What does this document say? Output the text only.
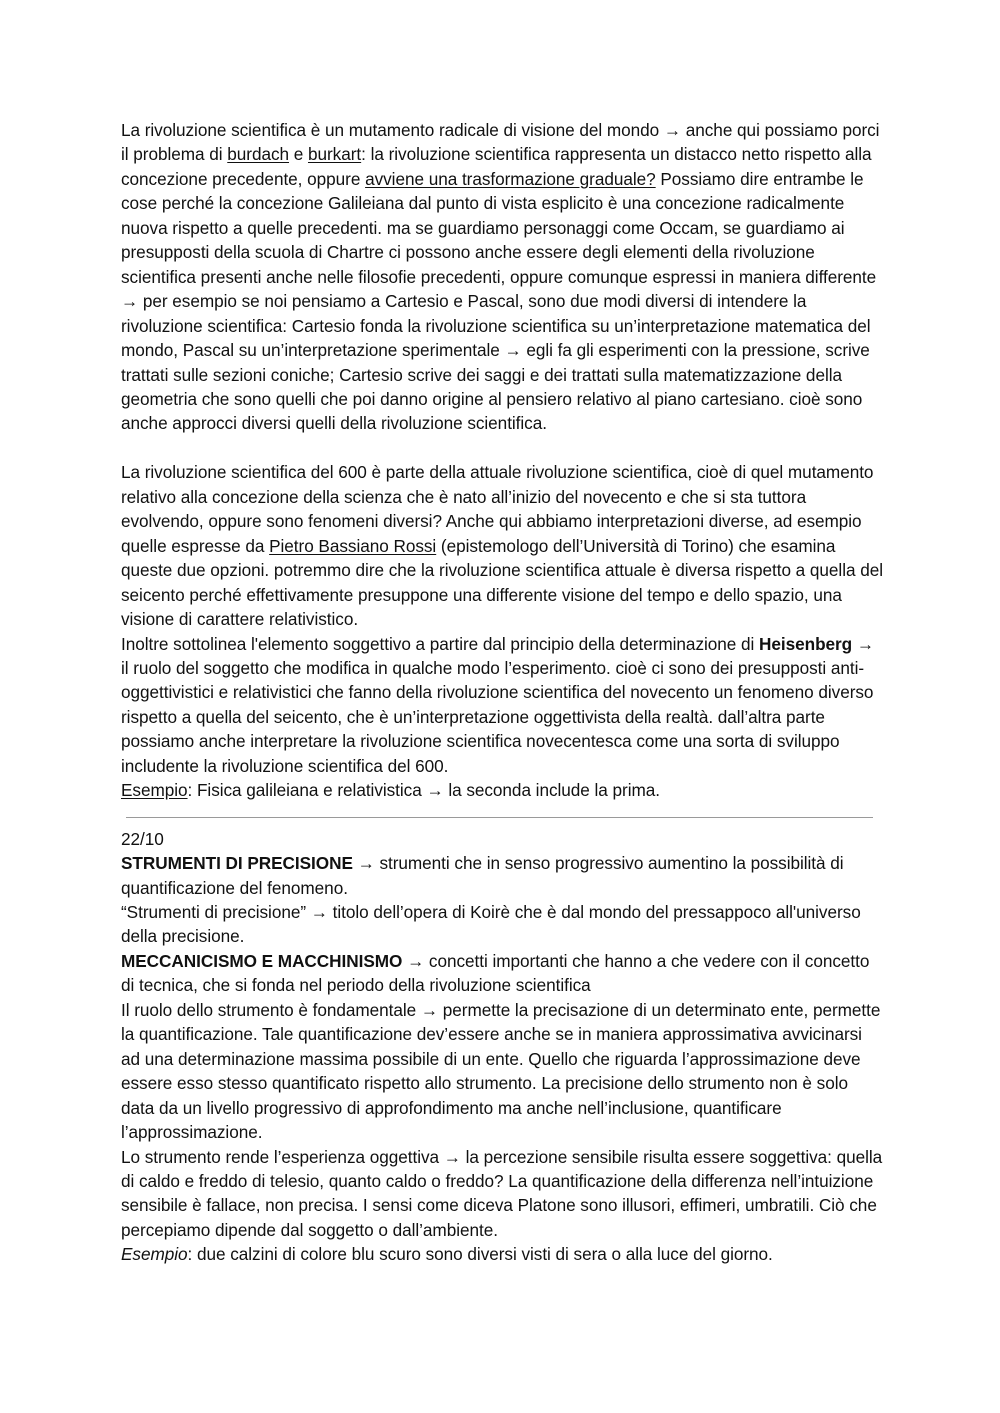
La rivoluzione scientifica è un mutamento radicale di visione del mondo → anche qui possiamo porci il problema di burdach e burkart: la rivoluzione scientifica rappresenta un distacco netto rispetto alla concezione precedente, oppure avviene una trasformazione graduale? Possiamo dire entrambe le cose perché la concezione Galileiana dal punto di vista esplicito è una concezione radicalmente nuova rispetto a quelle precedenti. ma se guardiamo personaggi come Occam, se guardiamo ai presupposti della scuola di Chartre ci possono anche essere degli elementi della rivoluzione scientifica presenti anche nelle filosofie precedenti, oppure comunque espressi in maniera differente → per esempio se noi pensiamo a Cartesio e Pascal, sono due modi diversi di intendere la rivoluzione scientifica: Cartesio fonda la rivoluzione scientifica su un’interpretazione matematica del mondo, Pascal su un’interpretazione sperimentale → egli fa gli esperimenti con la pressione, scrive trattati sulle sezioni coniche; Cartesio scrive dei saggi e dei trattati sulla matematizzazione della geometria che sono quelli che poi danno origine al pensiero relativo al piano cartesiano. cioè sono anche approcci diversi quelli della rivoluzione scientifica.

La rivoluzione scientifica del 600 è parte della attuale rivoluzione scientifica, cioè di quel mutamento relativo alla concezione della scienza che è nato all’inizio del novecento e che si sta tuttora evolvendo, oppure sono fenomeni diversi? Anche qui abbiamo interpretazioni diverse, ad esempio quelle espresse da Pietro Bassiano Rossi (epistemologo dell’Università di Torino) che esamina queste due opzioni. potremmo dire che la rivoluzione scientifica attuale è diversa rispetto a quella del seicento perché effettivamente presuppone una differente visione del tempo e dello spazio, una visione di carattere relativistico.

Inoltre sottolinea l'elemento soggettivo a partire dal principio della determinazione di Heisenberg → il ruolo del soggetto che modifica in qualche modo l’esperimento. cioè ci sono dei presupposti anti-oggettivistici e relativistici che fanno della rivoluzione scientifica del novecento un fenomeno diverso rispetto a quella del seicento, che è un’interpretazione oggettivista della realtà. dall’altra parte possiamo anche interpretare la rivoluzione scientifica novecentesca come una sorta di sviluppo includente la rivoluzione scientifica del 600.

Esempio: Fisica galileiana e relativistica → la seconda include la prima.

22/10

STRUMENTI DI PRECISIONE → strumenti che in senso progressivo aumentino la possibilità di quantificazione del fenomeno.

“Strumenti di precisione” → titolo dell’opera di Koirè che è dal mondo del pressappoco all'universo della precisione.

MECCANICISMO E MACCHINISMO → concetti importanti che hanno a che vedere con il concetto di tecnica, che si fonda nel periodo della rivoluzione scientifica

Il ruolo dello strumento è fondamentale → permette la precisazione di un determinato ente, permette la quantificazione. Tale quantificazione dev’essere anche se in maniera approssimativa avvicinarsi ad una determinazione massima possibile di un ente. Quello che riguarda l’approssimazione deve essere esso stesso quantificato rispetto allo strumento. La precisione dello strumento non è solo data da un livello progressivo di approfondimento ma anche nell’inclusione, quantificare l’approssimazione.

Lo strumento rende l’esperienza oggettiva → la percezione sensibile risulta essere soggettiva: quella di caldo e freddo di telesio, quanto caldo o freddo? La quantificazione della differenza nell’intuizione sensibile è fallace, non precisa. I sensi come diceva Platone sono illusori, effimeri, umbratili. Ciò che percepiamo dipende dal soggetto o dall’ambiente.

Esempio: due calzini di colore blu scuro sono diversi visti di sera o alla luce del giorno.
